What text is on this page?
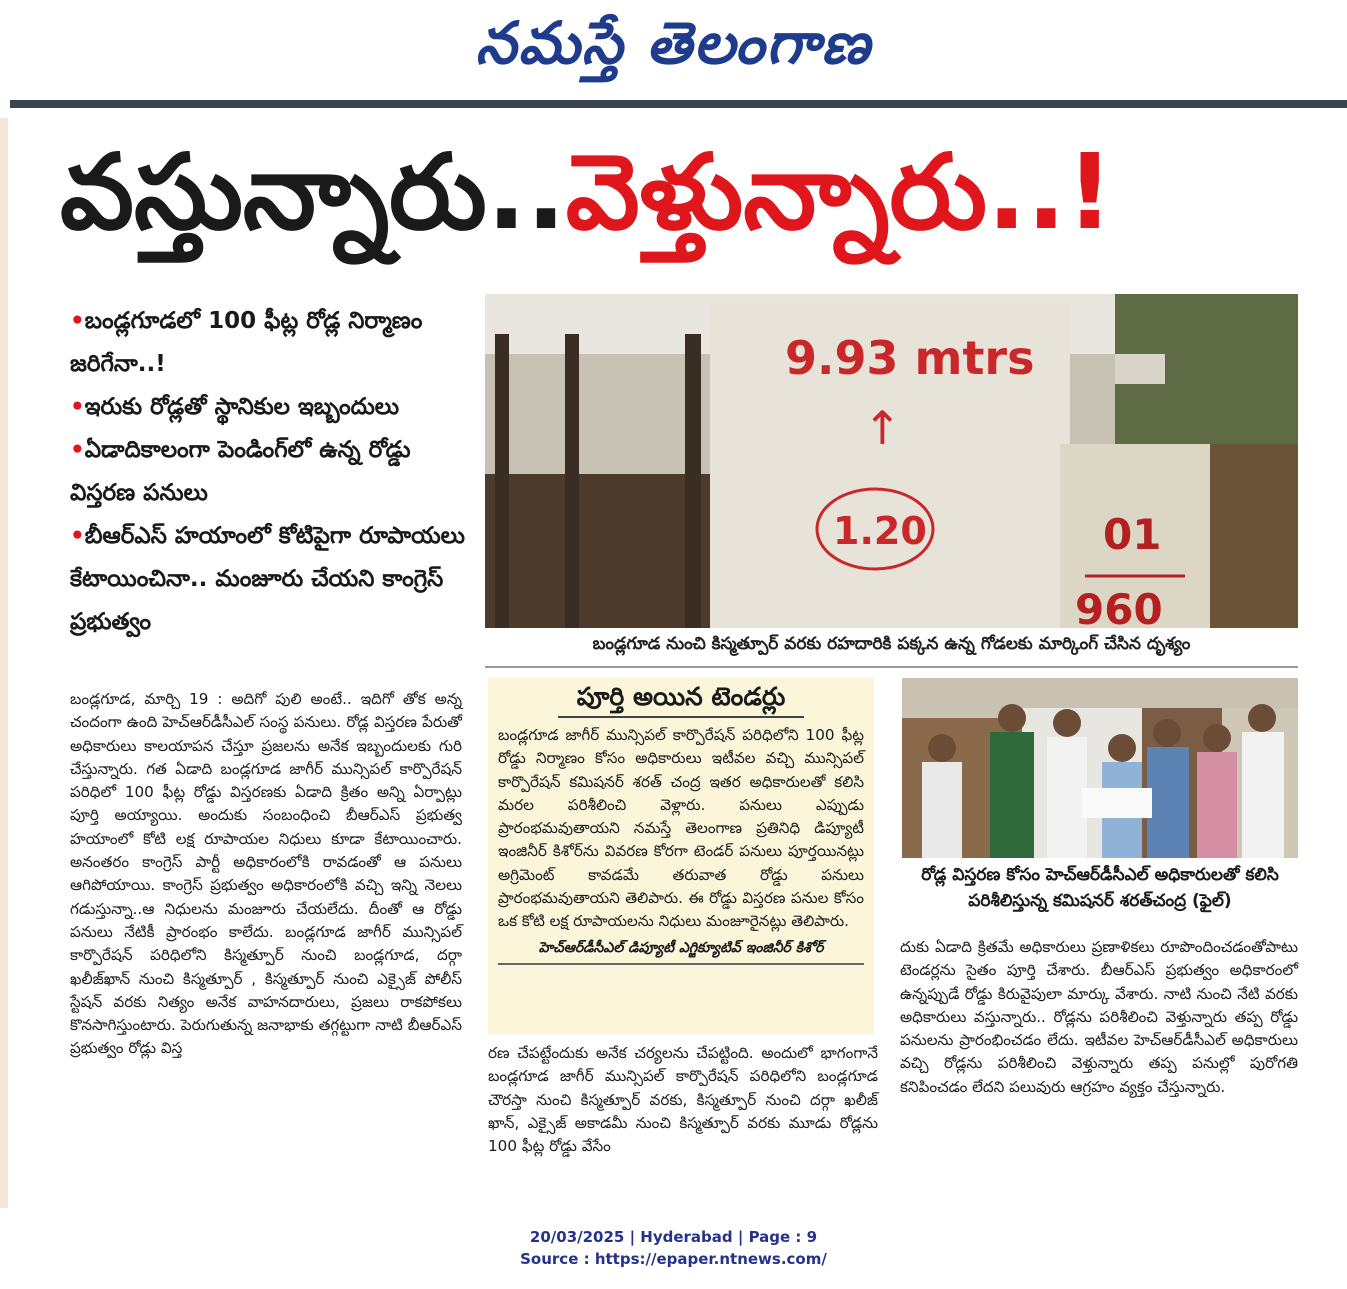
నమస్తే తెలంగాణ
వస్తున్నారు.. వెళ్తున్నారు..!

•బండ్లగూడలో 100 ఫీట్ల రోడ్ల నిర్మాణం జరిగేనా..!

•ఇరుకు రోడ్లతో స్థానికుల ఇబ్బందులు

•ఏడాదికాలంగా పెండింగ్‌లో ఉన్న రోడ్డు విస్తరణ పనులు

•బీఆర్‌ఎస్ హయాంలో కోటిపైగా రూపాయలు కేటాయించినా.. మంజూరు చేయని కాంగ్రెస్ ప్రభుత్వం

బండ్లగూడ, మార్చి 19 : అదిగో పులి అంటే.. ఇదిగో తోక అన్న చందంగా ఉంది హెచ్‌ఆర్‌డీసీఎల్ సంస్థ పనులు. రోడ్ల విస్తరణ పేరుతో అధికారులు కాలయాపన చేస్తూ ప్రజలను అనేక ఇబ్బందులకు గురి చేస్తున్నారు. గత ఏడాది బండ్లగూడ జాగీర్ మున్సిపల్ కార్పొరేషన్ పరిధిలో 100 ఫీట్ల రోడ్డు విస్తరణకు ఏడాది క్రితం అన్ని ఏర్పాట్లు పూర్తి అయ్యాయి. అందుకు సంబంధించి బీఆర్‌ఎస్ ప్రభుత్వ హయాంలో కోటి లక్ష రూపాయల నిధులు కూడా కేటాయించారు. అనంతరం కాంగ్రెస్ పార్టీ అధికారంలోకి రావడంతో ఆ పనులు ఆగిపోయాయి. కాంగ్రెస్ ప్రభుత్వం అధికారంలోకి వచ్చి ఇన్ని నెలలు గడుస్తున్నా..ఆ నిధులను మంజూరు చేయలేదు. దీంతో ఆ రోడ్డు పనులు నేటికీ ప్రారంభం కాలేదు. బండ్లగూడ జాగీర్ మున్సిపల్ కార్పొరేషన్ పరిధిలోని కిస్మత్పూర్ నుంచి బండ్లగూడ, దర్గా ఖలీజ్‌ఖాన్ నుంచి కిస్మత్పూర్ , కిస్మత్పూర్ నుంచి ఎక్సైజ్ పోలీస్ స్టేషన్ వరకు నిత్యం అనేక వాహనదారులు, ప్రజలు రాకపోకలు కొనసాగిస్తుంటారు. పెరుగుతున్న జనాభాకు తగ్గట్టుగా నాటి బీఆర్‌ఎస్ ప్రభుత్వం రోడ్లు విస్త
9.93 mtrs
↑
1.20	01
960
బండ్లగూడ నుంచి కిస్మత్పూర్ వరకు రహదారికి పక్కన ఉన్న గోడలకు మార్కింగ్ చేసిన దృశ్యం
పూర్తి అయిన టెండర్లు
బండ్లగూడ జాగీర్ మున్సిపల్ కార్పొరేషన్ పరిధిలోని 100 ఫీట్ల రోడ్డు నిర్మాణం కోసం అధికారులు ఇటీవల వచ్చి మున్సిపల్ కార్పొరేషన్ కమిషనర్ శరత్ చంద్ర ఇతర అధికారులతో కలిసి మరల పరిశీలించి వెళ్లారు. పనులు ఎప్పుడు ప్రారంభమవుతాయని నమస్తే తెలంగాణ ప్రతినిధి డిప్యూటీ ఇంజినీర్ కిశోర్‌ను వివరణ కోరగా టెండర్ పనులు పూర్తయినట్లు అగ్రిమెంట్ కావడమే తరువాత రోడ్డు పనులు ప్రారంభమవుతాయని తెలిపారు. ఈ రోడ్డు విస్తరణ పనుల కోసం ఒక కోటి లక్ష రూపాయలను నిధులు మంజూరైనట్లు తెలిపారు.
హెచ్‌ఆర్‌డీసీఎల్ డిప్యూటీ ఎగ్జిక్యూటివ్ ఇంజినీర్ కిశోర్
రోడ్ల విస్తరణ కోసం హెచ్‌ఆర్‌డీసీఎల్ అధికారులతో కలిసి పరిశీలిస్తున్న కమిషనర్ శరత్‌చంద్ర (ఫైల్)
రణ చేపట్టేందుకు అనేక చర్యలను చేపట్టింది. అందులో భాగంగానే బండ్లగూడ జాగీర్ మున్సిపల్ కార్పొరేషన్ పరిధిలోని బండ్లగూడ చౌరస్తా నుంచి కిస్మత్పూర్ వరకు, కిస్మత్పూర్ నుంచి దర్గా ఖలీజ్ ఖాన్, ఎక్సైజ్ అకాడమీ నుంచి కిస్మత్పూర్ వరకు మూడు రోడ్లను 100 ఫీట్ల రోడ్డు వేసేం
దుకు ఏడాది క్రితమే అధికారులు ప్రణాళికలు రూపొందించడంతోపాటు టెండర్లను సైతం పూర్తి చేశారు. బీఆర్‌ఎస్ ప్రభుత్వం అధికారంలో ఉన్నప్పుడే రోడ్డు కిరువైపులా మార్కు వేశారు. నాటి నుంచి నేటి వరకు అధికారులు వస్తున్నారు.. రోడ్లను పరిశీలించి వెళ్తున్నారు తప్ప రోడ్డు పనులను ప్రారంభించడం లేదు. ఇటీవల హెచ్‌ఆర్‌డీసీఎల్ అధికారులు వచ్చి రోడ్లను పరిశీలించి వెళ్తున్నారు తప్ప పనుల్లో పురోగతి కనిపించడం లేదని పలువురు ఆగ్రహం వ్యక్తం చేస్తున్నారు.
20/03/2025 | Hyderabad | Page : 9
Source : https://epaper.ntnews.com/
